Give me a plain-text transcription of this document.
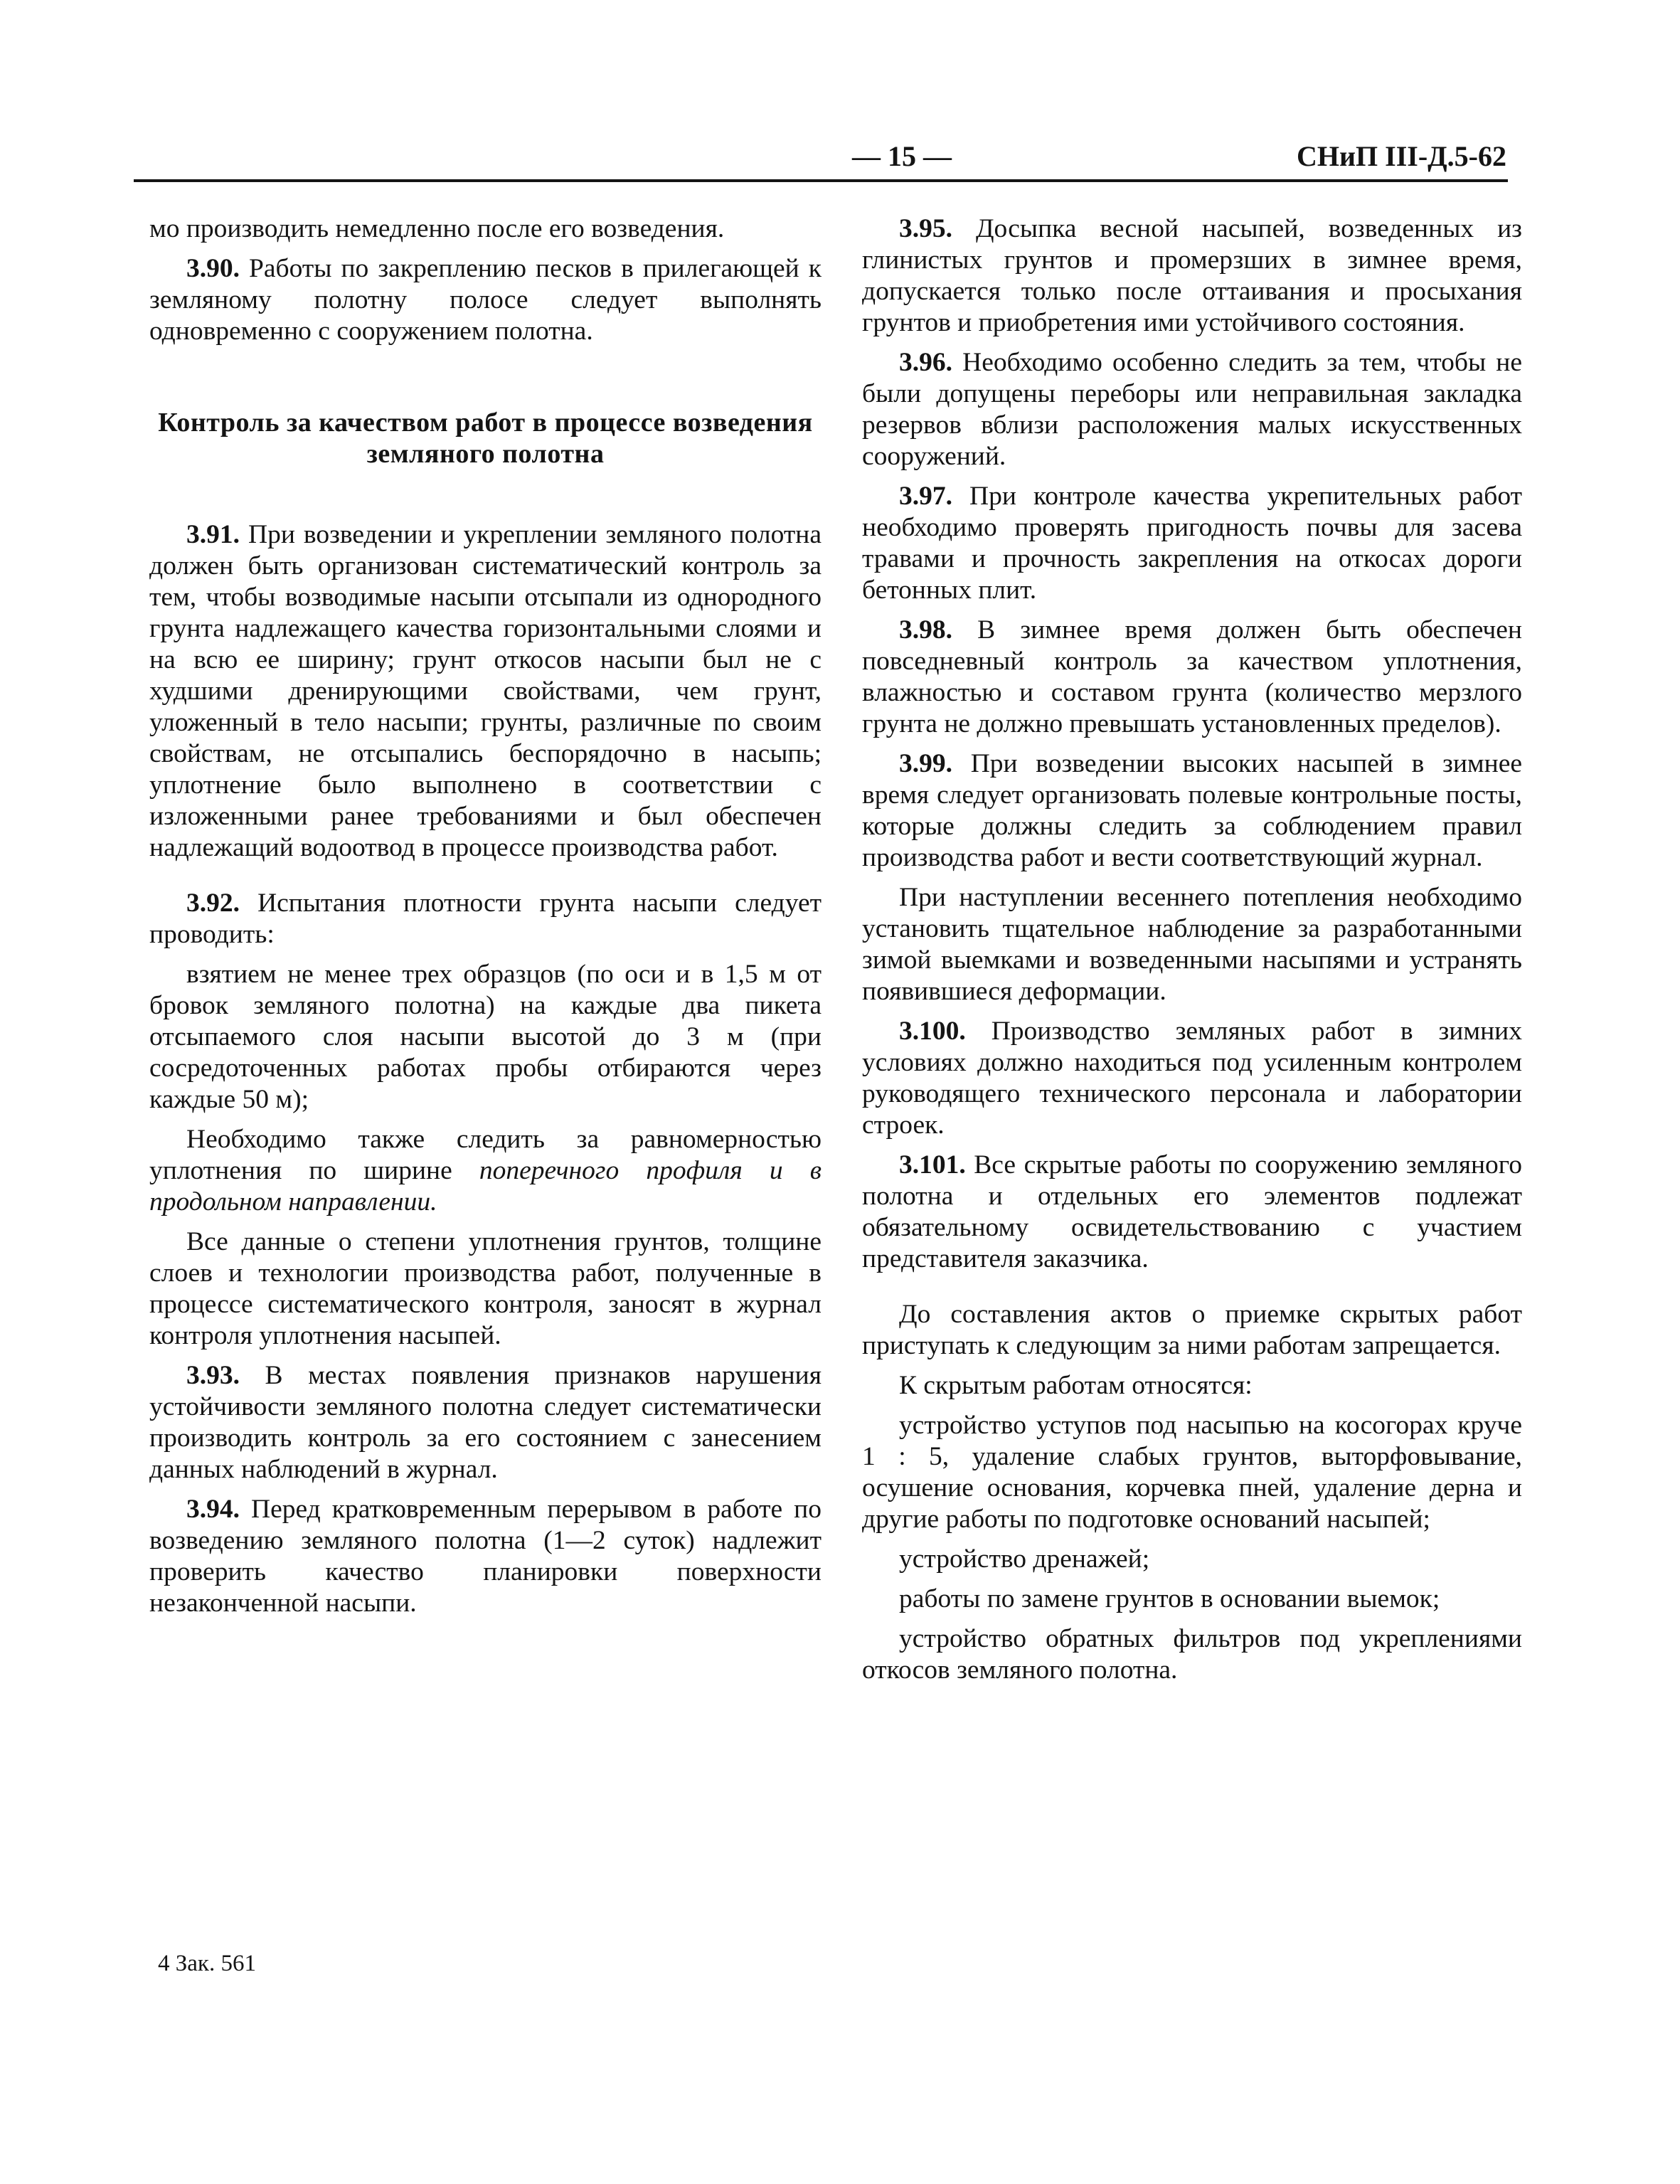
— 15 —	СНиП III-Д.5-62

мо производить немедленно после его возведения.

3.90. Работы по закреплению песков в прилегающей к земляному полотну полосе следует выполнять одновременно с сооружением полотна.

Контроль за качеством работ в процессе возведения земляного полотна

3.91. При возведении и укреплении земляного полотна должен быть организован систематический контроль за тем, чтобы возводимые насыпи отсыпали из однородного грунта надлежащего качества горизонтальными слоями и на всю ее ширину; грунт откосов насыпи был не с худшими дренирующими свойствами, чем грунт, уложенный в тело насыпи; грунты, различные по своим свойствам, не отсыпались беспорядочно в насыпь; уплотнение было выполнено в соответствии с изложенными ранее требованиями и был обеспечен надлежащий водоотвод в процессе производства работ.

3.92. Испытания плотности грунта насыпи следует проводить:

взятием не менее трех образцов (по оси и в 1,5 м от бровок земляного полотна) на каждые два пикета отсыпаемого слоя насыпи высотой до 3 м (при сосредоточенных работах пробы отбираются через каждые 50 м);

Необходимо также следить за равномерностью уплотнения по ширине поперечного профиля и в продольном направлении.

Все данные о степени уплотнения грунтов, толщине слоев и технологии производства работ, полученные в процессе систематического контроля, заносят в журнал контроля уплотнения насыпей.

3.93. В местах появления признаков нарушения устойчивости земляного полотна следует систематически производить контроль за его состоянием с занесением данных наблюдений в журнал.

3.94. Перед кратковременным перерывом в работе по возведению земляного полотна (1—2 суток) надлежит проверить качество планировки поверхности незаконченной насыпи.

3.95. Досыпка весной насыпей, возведенных из глинистых грунтов и промерзших в зимнее время, допускается только после оттаивания и просыхания грунтов и приобретения ими устойчивого состояния.

3.96. Необходимо особенно следить за тем, чтобы не были допущены переборы или неправильная закладка резервов вблизи расположения малых искусственных сооружений.

3.97. При контроле качества укрепительных работ необходимо проверять пригодность почвы для засева травами и прочность закрепления на откосах дороги бетонных плит.

3.98. В зимнее время должен быть обеспечен повседневный контроль за качеством уплотнения, влажностью и составом грунта (количество мерзлого грунта не должно превышать установленных пределов).

3.99. При возведении высоких насыпей в зимнее время следует организовать полевые контрольные посты, которые должны следить за соблюдением правил производства работ и вести соответствующий журнал.

При наступлении весеннего потепления необходимо установить тщательное наблюдение за разработанными зимой выемками и возведенными насыпями и устранять появившиеся деформации.

3.100. Производство земляных работ в зимних условиях должно находиться под усиленным контролем руководящего технического персонала и лаборатории строек.

3.101. Все скрытые работы по сооружению земляного полотна и отдельных его элементов подлежат обязательному освидетельствованию с участием представителя заказчика.

До составления актов о приемке скрытых работ приступать к следующим за ними работам запрещается.

К скрытым работам относятся:

устройство уступов под насыпью на косогорах круче 1 : 5, удаление слабых грунтов, выторфовывание, осушение основания, корчевка пней, удаление дерна и другие работы по подготовке оснований насыпей;

устройство дренажей;

работы по замене грунтов в основании выемок;

устройство обратных фильтров под укреплениями откосов земляного полотна.

4 Зак. 561
